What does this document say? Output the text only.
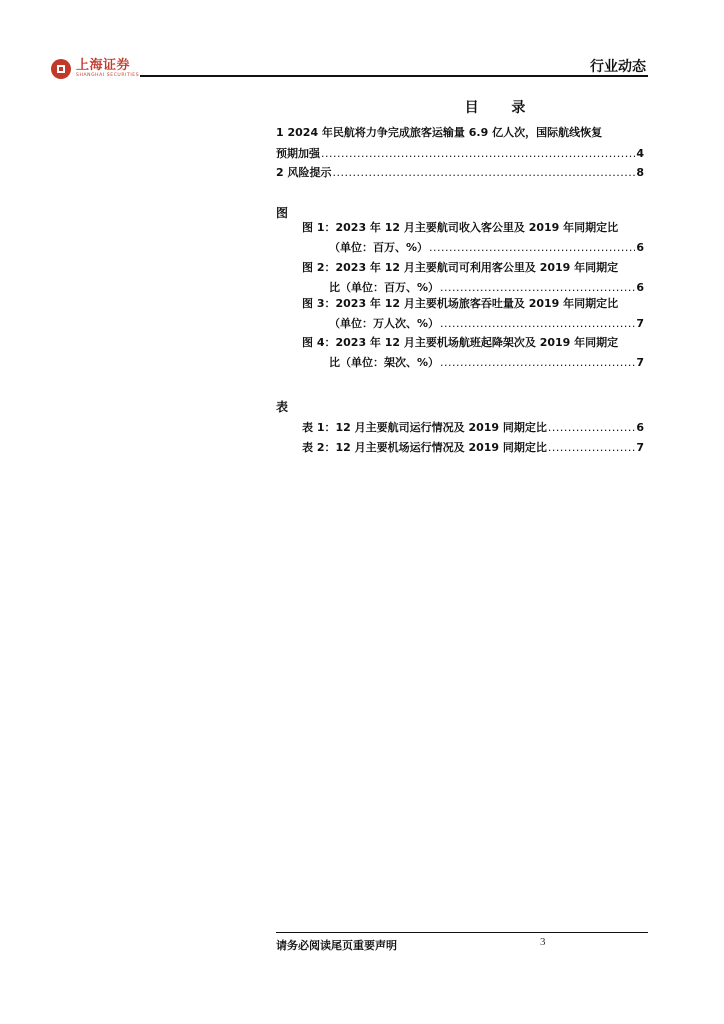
上海证券
SHANGHAI SECURITIES
行业动态
目 录
1 2024 年民航将力争完成旅客运输量 6.9 亿人次，国际航线恢复
预期加强 .....	4
2 风险提示 .....	8
图
图 1：2023 年 12 月主要航司收入客公里及 2019 年同期定比
（单位：百万、%） .....	6
图 2：2023 年 12 月主要航司可利用客公里及 2019 年同期定
比（单位：百万、%） .....	6
图 3：2023 年 12 月主要机场旅客吞吐量及 2019 年同期定比
（单位：万人次、%） .....	7
图 4：2023 年 12 月主要机场航班起降架次及 2019 年同期定
比（单位：架次、%） .....	7
表
表 1：12 月主要航司运行情况及 2019 同期定比 .....	6
表 2：12 月主要机场运行情况及 2019 同期定比 .....	7
请务必阅读尾页重要声明	3
